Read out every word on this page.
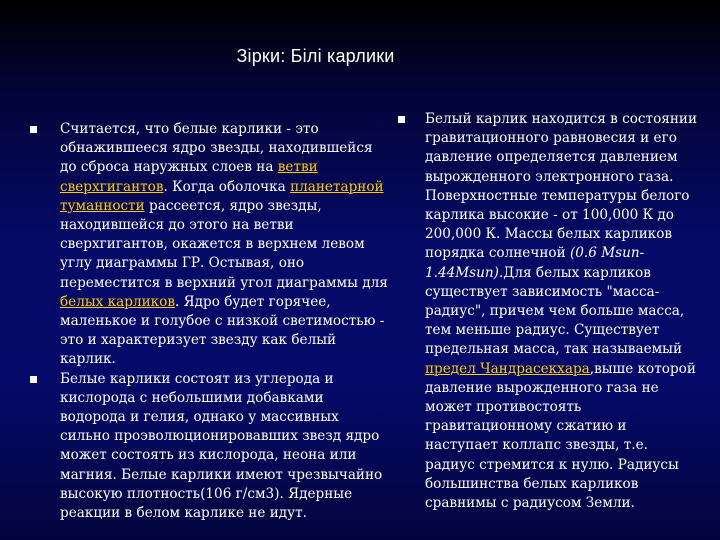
Зірки: Білі карлики

Считается, что белые карлики - это обнажившееся ядро звезды, находившейся до сброса наружных слоев на ветви сверхгигантов. Когда оболочка планетарной туманности рассеется, ядро звезды, находившейся до этого на ветви сверхгигантов, окажется в верхнем левом углу диаграммы ГР. Остывая, оно переместится в верхний угол диаграммы для белых карликов. Ядро будет горячее, маленькое и голубое с низкой светимостью - это и характеризует звезду как белый карлик.

Белые карлики состоят из углерода и кислорода с небольшими добавками водорода и гелия, однако у массивных сильно проэволюционировавших звезд ядро может состоять из кислорода, неона или магния. Белые карлики имеют чрезвычайно высокую плотность(106 г/см3). Ядерные реакции в белом карлике не идут.

Белый карлик находится в состоянии гравитационного равновесия и его давление определяется давлением вырожденного электронного газа. Поверхностные температуры белого карлика высокие - от 100,000 К до 200,000 К. Массы белых карликов порядка солнечной (0.6 Msun-1.44Msun).Для белых карликов существует зависимость "масса-радиус", причем чем больше масса, тем меньше радиус. Существует предельная масса, так называемый предел Чандрасекхара,выше которой давление вырожденного газа не может противостоять гравитационному сжатию и наступает коллапс звезды, т.е. радиус стремится к нулю. Радиусы большинства белых карликов сравнимы с радиусом Земли.
